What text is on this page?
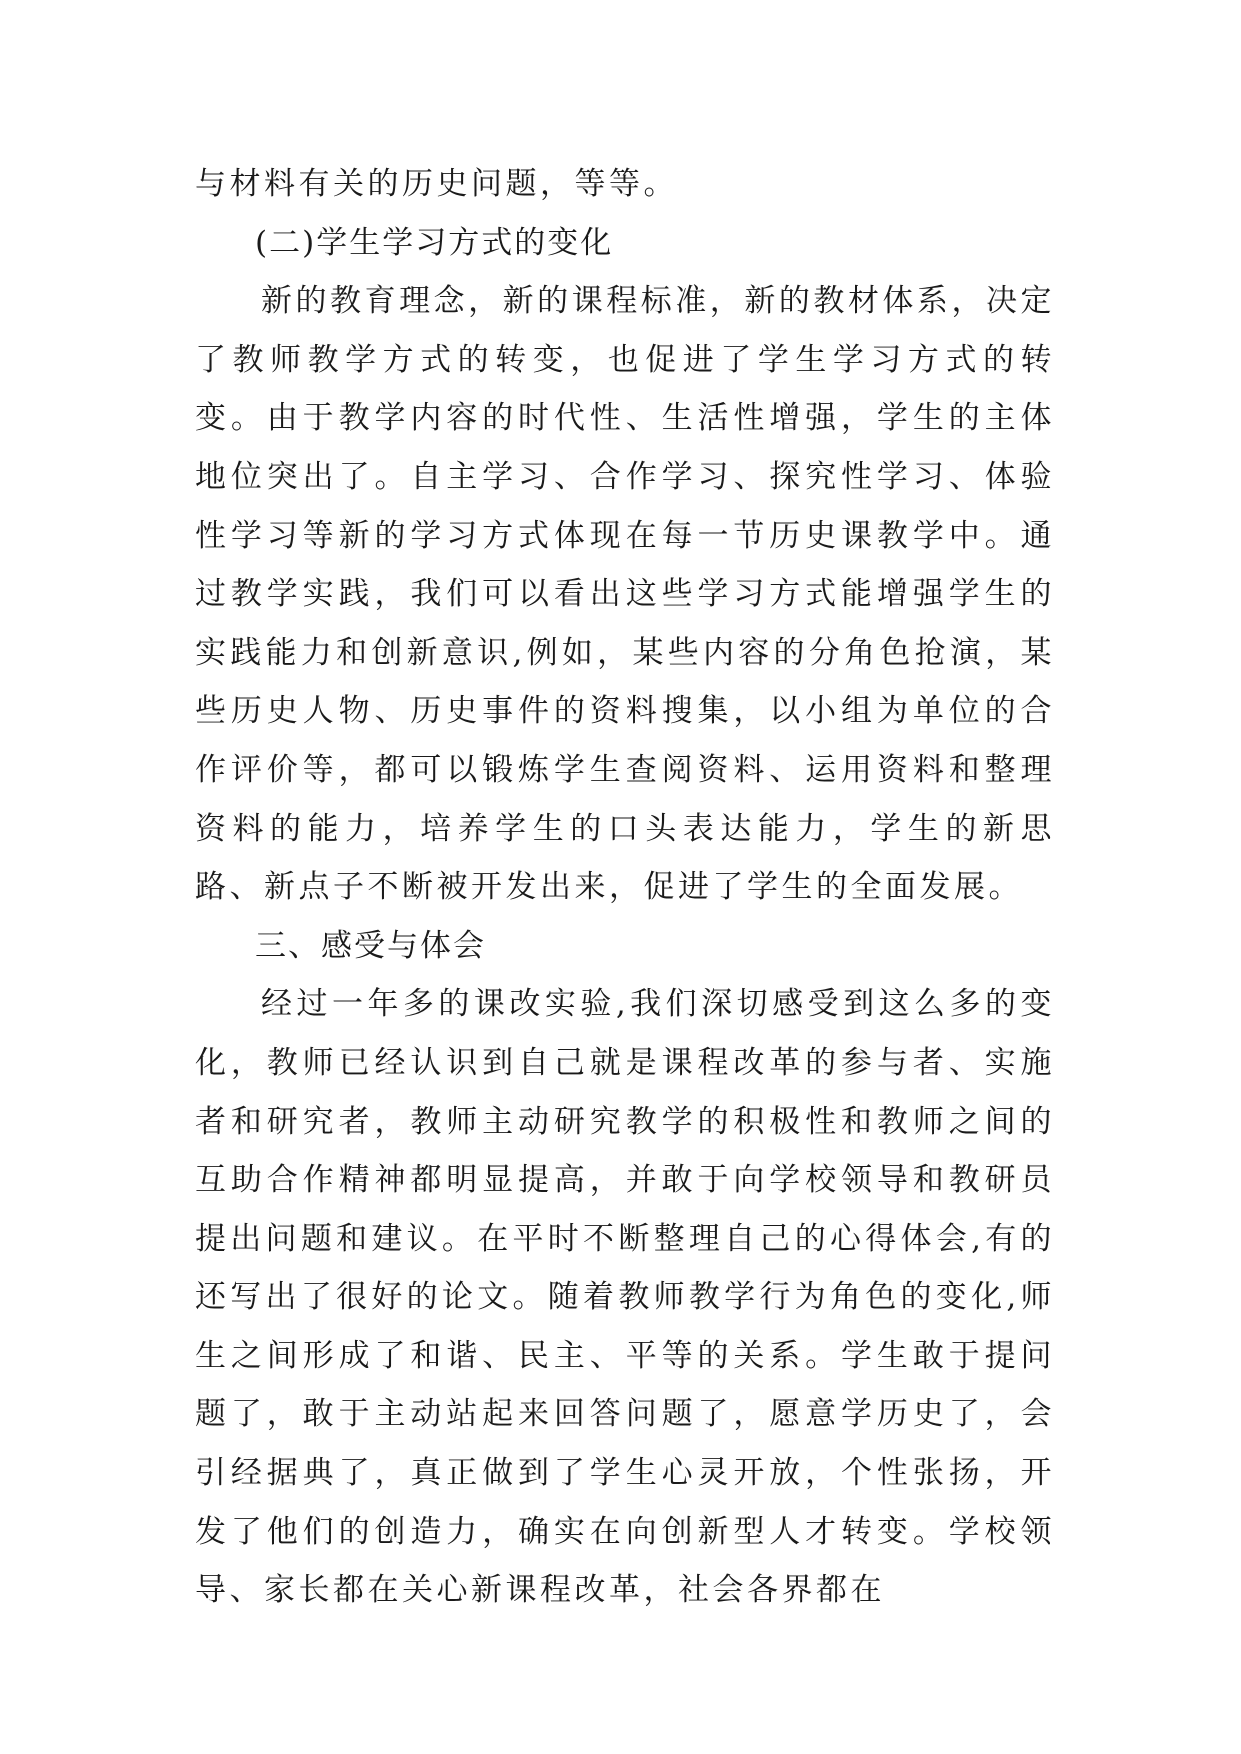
与材料有关的历史问题，等等。

(二)学生学习方式的变化

新的教育理念，新的课程标准，新的教材体系，决定了教师教学方式的转变，也促进了学生学习方式的转变。由于教学内容的时代性、生活性增强，学生的主体地位突出了。自主学习、合作学习、探究性学习、体验性学习等新的学习方式体现在每一节历史课教学中。通过教学实践，我们可以看出这些学习方式能增强学生的实践能力和创新意识,例如，某些内容的分角色抢演，某些历史人物、历史事件的资料搜集，以小组为单位的合作评价等，都可以锻炼学生查阅资料、运用资料和整理资料的能力，培养学生的口头表达能力，学生的新思路、新点子不断被开发出来，促进了学生的全面发展。

三、感受与体会

经过一年多的课改实验,我们深切感受到这么多的变化，教师已经认识到自己就是课程改革的参与者、实施者和研究者，教师主动研究教学的积极性和教师之间的互助合作精神都明显提高，并敢于向学校领导和教研员提出问题和建议。在平时不断整理自己的心得体会,有的还写出了很好的论文。随着教师教学行为角色的变化,师生之间形成了和谐、民主、平等的关系。学生敢于提问题了，敢于主动站起来回答问题了，愿意学历史了，会引经据典了，真正做到了学生心灵开放，个性张扬，开发了他们的创造力，确实在向创新型人才转变。学校领导、家长都在关心新课程改革，社会各界都在
